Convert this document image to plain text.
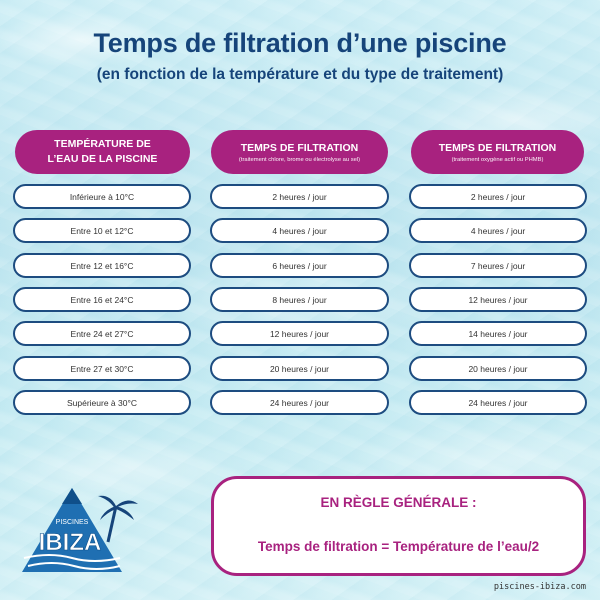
Temps de filtration d’une piscine
(en fonction de la température et du type de traitement)
TEMPÉRATURE DE
L’EAU DE LA PISCINE
TEMPS DE FILTRATION
(traitement chlore, brome ou électrolyse au sel)
TEMPS DE FILTRATION
(traitement oxygène actif ou PHMB)
Inférieure à 10°C	2 heures / jour	2 heures / jour
Entre 10 et 12°C	4 heures / jour	4 heures / jour
Entre 12 et 16°C	6 heures / jour	7 heures / jour
Entre 16 et 24°C	8 heures / jour	12 heures / jour
Entre 24 et 27°C	12 heures / jour	14 heures / jour
Entre 27 et 30°C	20 heures / jour	20 heures / jour
Supérieure à 30°C	24 heures / jour	24 heures / jour
EN RÈGLE GÉNÉRALE :
Temps de filtration = Température de l’eau/2
PISCINES
IBIZA
piscines-ibiza.com
